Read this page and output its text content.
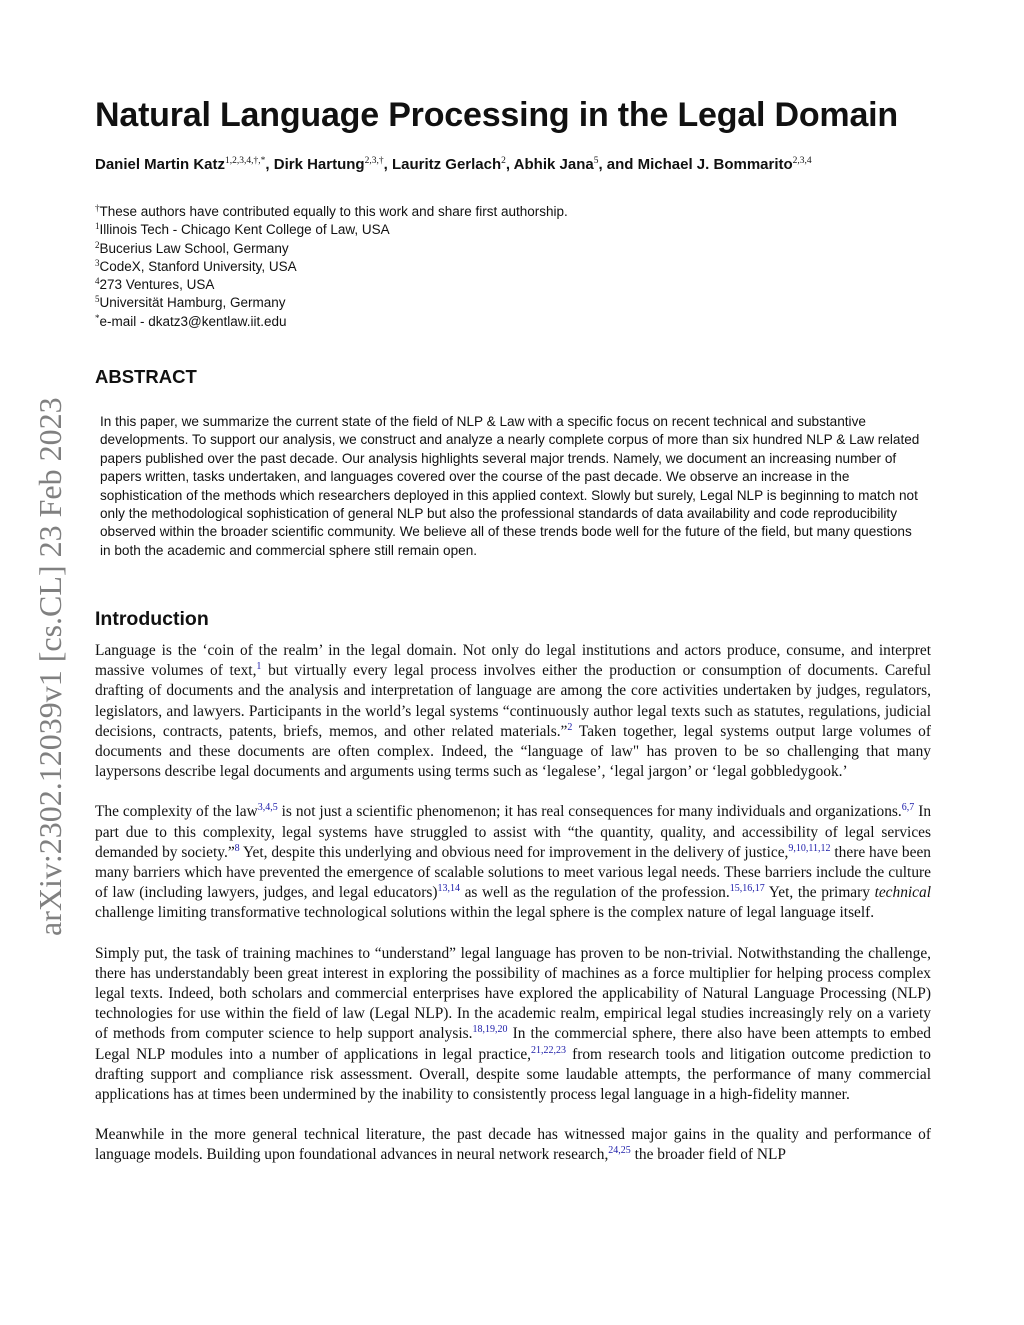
arXiv:2302.12039v1 [cs.CL] 23 Feb 2023
Natural Language Processing in the Legal Domain
Daniel Martin Katz$^{1,2,3,4,\dagger,*}$, Dirk Hartung$^{2,3,\dagger}$, Lauritz Gerlach$^2$, Abhik Jana$^5$, and Michael J. Bommarito$^{2,3,4}$
†These authors have contributed equally to this work and share first authorship.
$^1$Illinois Tech - Chicago Kent College of Law, USA
$^2$Bucerius Law School, Germany
$^3$CodeX, Stanford University, USA
$^4$273 Ventures, USA
$^5$Universität Hamburg, Germany
*e-mail - dkatz3@kentlaw.iit.edu
ABSTRACT

In this paper, we summarize the current state of the field of NLP & Law with a specific focus on recent technical and substantive developments. To support our analysis, we construct and analyze a nearly complete corpus of more than six hundred NLP & Law related papers published over the past decade. Our analysis highlights several major trends. Namely, we document an increasing number of papers written, tasks undertaken, and languages covered over the course of the past decade. We observe an increase in the sophistication of the methods which researchers deployed in this applied context. Slowly but surely, Legal NLP is beginning to match not only the methodological sophistication of general NLP but also the professional standards of data availability and code reproducibility observed within the broader scientific community. We believe all of these trends bode well for the future of the field, but many questions in both the academic and commercial sphere still remain open.

Introduction

Language is the ‘coin of the realm’ in the legal domain. Not only do legal institutions and actors produce, consume, and interpret massive volumes of text,$^1$ but virtually every legal process involves either the production or consumption of documents. Careful drafting of documents and the analysis and interpretation of language are among the core activities undertaken by judges, regulators, legislators, and lawyers. Participants in the world’s legal systems “continuously author legal texts such as statutes, regulations, judicial decisions, contracts, patents, briefs, memos, and other related materials.”$^2$ Taken together, legal systems output large volumes of documents and these documents are often complex. Indeed, the “language of law" has proven to be so challenging that many laypersons describe legal documents and arguments using terms such as ‘legalese’, ‘legal jargon’ or ‘legal gobbledygook.’

The complexity of the law$^{3,4,5}$ is not just a scientific phenomenon; it has real consequences for many individuals and organizations.$^{6,7}$ In part due to this complexity, legal systems have struggled to assist with “the quantity, quality, and accessibility of legal services demanded by society.”$^8$ Yet, despite this underlying and obvious need for improvement in the delivery of justice,$^{9,10,11,12}$ there have been many barriers which have prevented the emergence of scalable solutions to meet various legal needs. These barriers include the culture of law (including lawyers, judges, and legal educators)$^{13,14}$ as well as the regulation of the profession.$^{15,16,17}$ Yet, the primary technical challenge limiting transformative technological solutions within the legal sphere is the complex nature of legal language itself.

Simply put, the task of training machines to “understand” legal language has proven to be non-trivial. Notwithstanding the challenge, there has understandably been great interest in exploring the possibility of machines as a force multiplier for helping process complex legal texts. Indeed, both scholars and commercial enterprises have explored the applicability of Natural Language Processing (NLP) technologies for use within the field of law (Legal NLP). In the academic realm, empirical legal studies increasingly rely on a variety of methods from computer science to help support analysis.$^{18,19,20}$ In the commercial sphere, there also have been attempts to embed Legal NLP modules into a number of applications in legal practice,$^{21,22,23}$ from research tools and litigation outcome prediction to drafting support and compliance risk assessment. Overall, despite some laudable attempts, the performance of many commercial applications has at times been undermined by the inability to consistently process legal language in a high-fidelity manner.

Meanwhile in the more general technical literature, the past decade has witnessed major gains in the quality and performance of language models. Building upon foundational advances in neural network research,$^{24,25}$ the broader field of NLP
